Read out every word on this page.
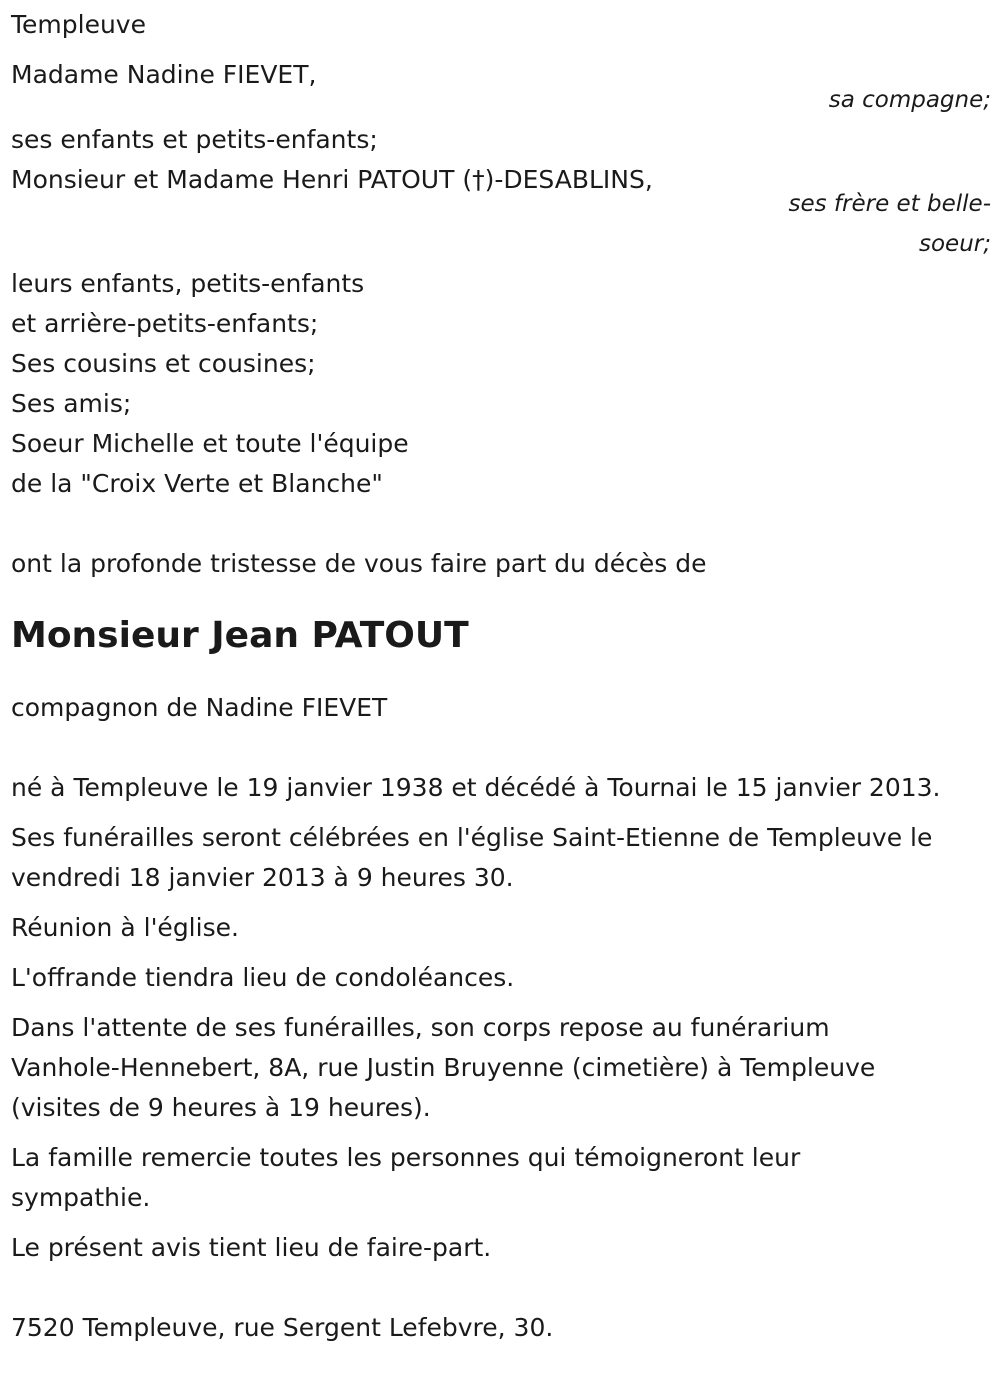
Templeuve
Madame Nadine FIEVET,
sa compagne;
ses enfants et petits-enfants;
Monsieur et Madame Henri PATOUT (†)-DESABLINS,
ses frère et belle-
soeur;
leurs enfants, petits-enfants
et arrière-petits-enfants;
Ses cousins et cousines;
Ses amis;
Soeur Michelle et toute l'équipe
de la "Croix Verte et Blanche"
ont la profonde tristesse de vous faire part du décès de
Monsieur Jean PATOUT
compagnon de Nadine FIEVET
né à Templeuve le 19 janvier 1938 et décédé à Tournai le 15 janvier 2013.
Ses funérailles seront célébrées en l'église Saint-Etienne de Templeuve le
vendredi 18 janvier 2013 à 9 heures 30.
Réunion à l'église.
L'offrande tiendra lieu de condoléances.
Dans l'attente de ses funérailles, son corps repose au funérarium
Vanhole-Hennebert, 8A, rue Justin Bruyenne (cimetière) à Templeuve
(visites de 9 heures à 19 heures).
La famille remercie toutes les personnes qui témoigneront leur
sympathie.
Le présent avis tient lieu de faire-part.
7520 Templeuve, rue Sergent Lefebvre, 30.
